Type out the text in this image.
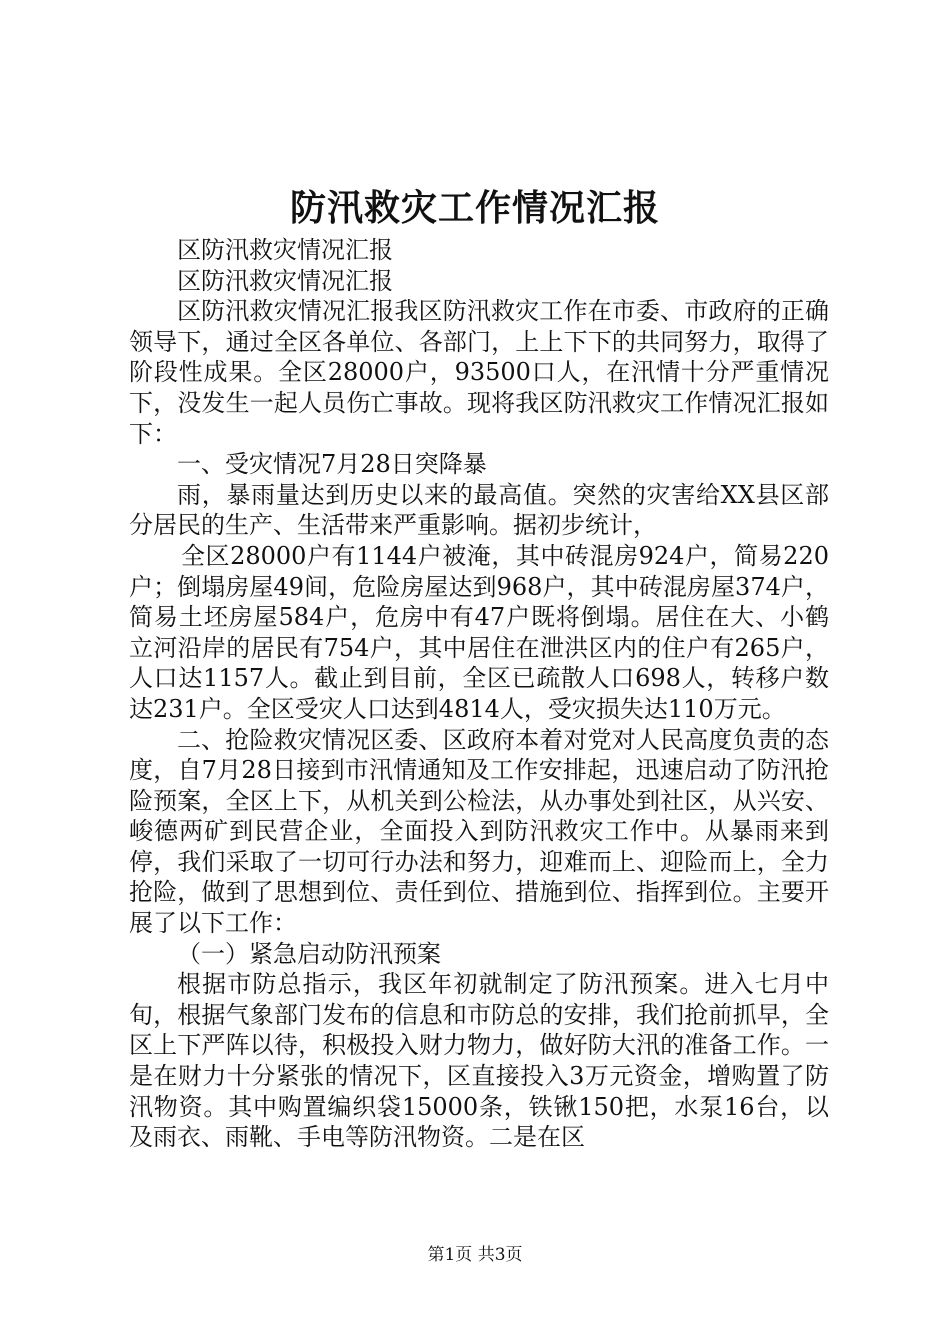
防汛救灾工作情况汇报

区防汛救灾情况汇报

区防汛救灾情况汇报

区防汛救灾情况汇报我区防汛救灾工作在市委、市政府的正确领导下，通过全区各单位、各部门，上上下下的共同努力，取得了阶段性成果。全区28000户，93500口人，在汛情十分严重情况下，没发生一起人员伤亡事故。现将我区防汛救灾工作情况汇报如下：

一、受灾情况7月28日突降暴

雨，暴雨量达到历史以来的最高值。突然的灾害给XX县区部分居民的生产、生活带来严重影响。据初步统计，

全区28000户有1144户被淹，其中砖混房924户，简易220户；倒塌房屋49间，危险房屋达到968户，其中砖混房屋374户，简易土坯房屋584户，危房中有47户既将倒塌。居住在大、小鹤立河沿岸的居民有754户，其中居住在泄洪区内的住户有265户，人口达1157人。截止到目前，全区已疏散人口698人，转移户数达231户。全区受灾人口达到4814人，受灾损失达110万元。

二、抢险救灾情况区委、区政府本着对党对人民高度负责的态度，自7月28日接到市汛情通知及工作安排起，迅速启动了防汛抢险预案，全区上下，从机关到公检法，从办事处到社区，从兴安、峻德两矿到民营企业，全面投入到防汛救灾工作中。从暴雨来到停，我们采取了一切可行办法和努力，迎难而上、迎险而上，全力抢险，做到了思想到位、责任到位、措施到位、指挥到位。主要开展了以下工作：

（一）紧急启动防汛预案

根据市防总指示，我区年初就制定了防汛预案。进入七月中旬，根据气象部门发布的信息和市防总的安排，我们抢前抓早，全区上下严阵以待，积极投入财力物力，做好防大汛的准备工作。一是在财力十分紧张的情况下，区直接投入3万元资金，增购置了防汛物资。其中购置编织袋15000条，铁锹150把，水泵16台，以及雨衣、雨靴、手电等防汛物资。二是在区

第1页 共3页
